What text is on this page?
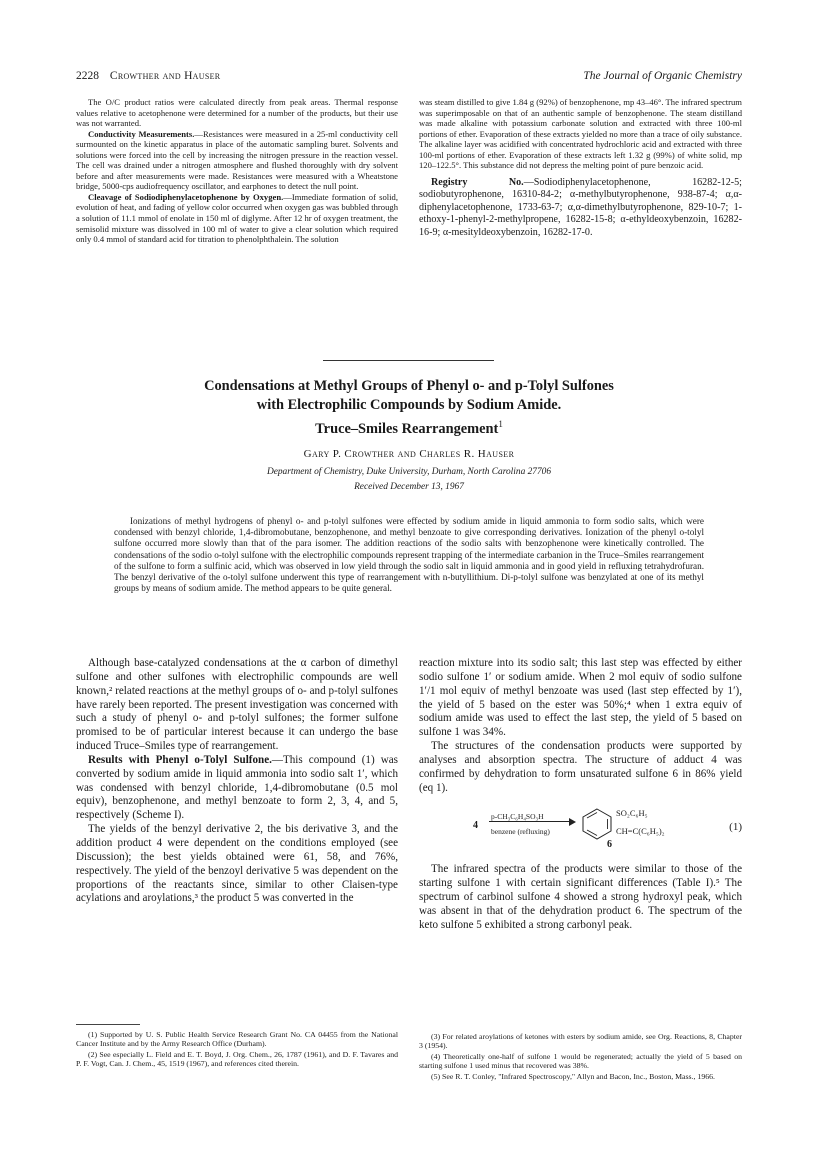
2228 Crowther and Hauser	The Journal of Organic Chemistry

The O/C product ratios were calculated directly from peak areas. Thermal response values relative to acetophenone were determined for a number of the products, but their use was not warranted.

Conductivity Measurements.—Resistances were measured in a 25-ml conductivity cell surmounted on the kinetic apparatus in place of the automatic sampling buret. Solvents and solutions were forced into the cell by increasing the nitrogen pressure in the reaction vessel. The cell was drained under a nitrogen atmosphere and flushed thoroughly with dry solvent before and after measurements were made. Resistances were measured with a Wheatstone bridge, 5000-cps audiofrequency oscillator, and earphones to detect the null point.

Cleavage of Sodiodiphenylacetophenone by Oxygen.—Immediate formation of solid, evolution of heat, and fading of yellow color occurred when oxygen gas was bubbled through a solution of 11.1 mmol of enolate in 150 ml of diglyme. After 12 hr of oxygen treatment, the semisolid mixture was dissolved in 100 ml of water to give a clear solution which required only 0.4 mmol of standard acid for titration to phenolphthalein. The solution

was steam distilled to give 1.84 g (92%) of benzophenone, mp 43–46°. The infrared spectrum was superimposable on that of an authentic sample of benzophenone. The steam distilland was made alkaline with potassium carbonate solution and extracted with three 100-ml portions of ether. Evaporation of these extracts yielded no more than a trace of oily substance. The alkaline layer was acidified with concentrated hydrochloric acid and extracted with three 100-ml portions of ether. Evaporation of these extracts left 1.32 g (99%) of white solid, mp 120–122.5°. This substance did not depress the melting point of pure benzoic acid.

Registry No.—Sodiodiphenylacetophenone, 16282-12-5; sodiobutyrophenone, 16310-84-2; α-methylbutyrophenone, 938-87-4; α,α-diphenylacetophenone, 1733-63-7; α,α-dimethylbutyrophenone, 829-10-7; 1-ethoxy-1-phenyl-2-methylpropene, 16282-15-8; α-ethyldeoxybenzoin, 16282-16-9; α-mesityldeoxybenzoin, 16282-17-0.

Condensations at Methyl Groups of Phenyl o- and p-Tolyl Sulfones
with Electrophilic Compounds by Sodium Amide.
Truce–Smiles Rearrangement$^1$
Gary P. Crowther and Charles R. Hauser
Department of Chemistry, Duke University, Durham, North Carolina 27706
Received December 13, 1967
Ionizations of methyl hydrogens of phenyl o- and p-tolyl sulfones were effected by sodium amide in liquid ammonia to form sodio salts, which were condensed with benzyl chloride, 1,4-dibromobutane, benzophenone, and methyl benzoate to give corresponding derivatives. Ionization of the phenyl o-tolyl sulfone occurred more slowly than that of the para isomer. The addition reactions of the sodio salts with benzophenone were kinetically controlled. The condensations of the sodio o-tolyl sulfone with the electrophilic compounds represent trapping of the intermediate carbanion in the Truce–Smiles rearrangement of the sulfone to form a sulfinic acid, which was observed in low yield through the sodio salt in liquid ammonia and in good yield in refluxing tetrahydrofuran. The benzyl derivative of the o-tolyl sulfone underwent this type of rearrangement with n-butyllithium. Di-p-tolyl sulfone was benzylated at one of its methyl groups by means of sodium amide. The method appears to be quite general.

Although base-catalyzed condensations at the α carbon of dimethyl sulfone and other sulfones with electrophilic compounds are well known,² related reactions at the methyl groups of o- and p-tolyl sulfones have rarely been reported. The present investigation was concerned with such a study of phenyl o- and p-tolyl sulfones; the former sulfone promised to be of particular interest because it can undergo the base induced Truce–Smiles type of rearrangement.

Results with Phenyl o-Tolyl Sulfone.—This compound (1) was converted by sodium amide in liquid ammonia into sodio salt 1′, which was condensed with benzyl chloride, 1,4-dibromobutane (0.5 mol equiv), benzophenone, and methyl benzoate to form 2, 3, 4, and 5, respectively (Scheme I).

The yields of the benzyl derivative 2, the bis derivative 3, and the addition product 4 were dependent on the conditions employed (see Discussion); the best yields obtained were 61, 58, and 76%, respectively. The yield of the benzoyl derivative 5 was dependent on the proportions of the reactants since, similar to other Claisen-type acylations and aroylations,³ the product 5 was converted in the

reaction mixture into its sodio salt; this last step was effected by either sodio sulfone 1′ or sodium amide. When 2 mol equiv of sodio sulfone 1′/1 mol equiv of methyl benzoate was used (last step effected by 1′), the yield of 5 based on the ester was 50%;⁴ when 1 extra equiv of sodium amide was used to effect the last step, the yield of 5 based on sulfone 1 was 34%.

The structures of the condensation products were supported by analyses and absorption spectra. The structure of adduct 4 was confirmed by dehydration to form unsaturated sulfone 6 in 86% yield (eq 1).

4
p-CH₃C₆H₄SO₃H
benzene (refluxing)
SO₂C₆H₅
CH=C(C₆H₅)₂
6
(1)

The infrared spectra of the products were similar to those of the starting sulfone 1 with certain significant differences (Table I).⁵ The spectrum of carbinol sulfone 4 showed a strong hydroxyl peak, which was absent in that of the dehydration product 6. The spectrum of the keto sulfone 5 exhibited a strong carbonyl peak.

(1) Supported by U. S. Public Health Service Research Grant No. CA 04455 from the National Cancer Institute and by the Army Research Office (Durham).

(2) See especially L. Field and E. T. Boyd, J. Org. Chem., 26, 1787 (1961), and D. F. Tavares and P. F. Vogt, Can. J. Chem., 45, 1519 (1967), and references cited therein.

(3) For related aroylations of ketones with esters by sodium amide, see Org. Reactions, 8, Chapter 3 (1954).

(4) Theoretically one-half of sulfone 1 would be regenerated; actually the yield of 5 based on starting sulfone 1 used minus that recovered was 38%.

(5) See R. T. Conley, "Infrared Spectroscopy," Allyn and Bacon, Inc., Boston, Mass., 1966.
